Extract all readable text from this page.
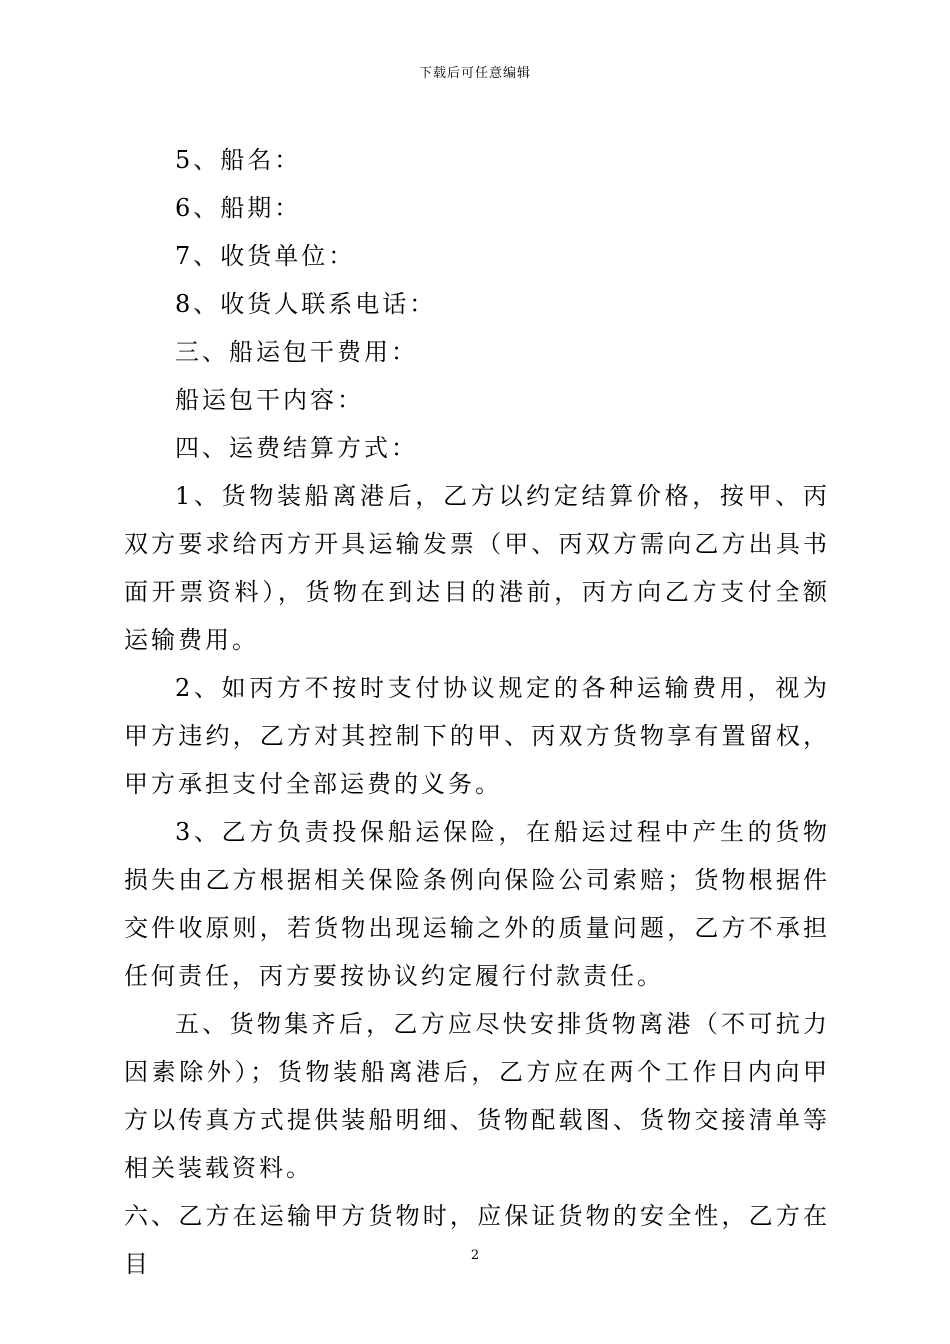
下载后可任意编辑

5、船名：

6、船期：

7、收货单位：

8、收货人联系电话：

三、船运包干费用：

船运包干内容：

四、运费结算方式：

1、货物装船离港后，乙方以约定结算价格，按甲、丙双方要求给丙方开具运输发票（甲、丙双方需向乙方出具书面开票资料），货物在到达目的港前，丙方向乙方支付全额运输费用。

2、如丙方不按时支付协议规定的各种运输费用，视为甲方违约，乙方对其控制下的甲、丙双方货物享有置留权，甲方承担支付全部运费的义务。

3、乙方负责投保船运保险，在船运过程中产生的货物损失由乙方根据相关保险条例向保险公司索赔；货物根据件交件收原则，若货物出现运输之外的质量问题，乙方不承担任何责任，丙方要按协议约定履行付款责任。

五、货物集齐后，乙方应尽快安排货物离港（不可抗力因素除外）；货物装船离港后，乙方应在两个工作日内向甲方以传真方式提供装船明细、货物配载图、货物交接清单等相关装载资料。

六、乙方在运输甲方货物时，应保证货物的安全性，乙方在目	2
